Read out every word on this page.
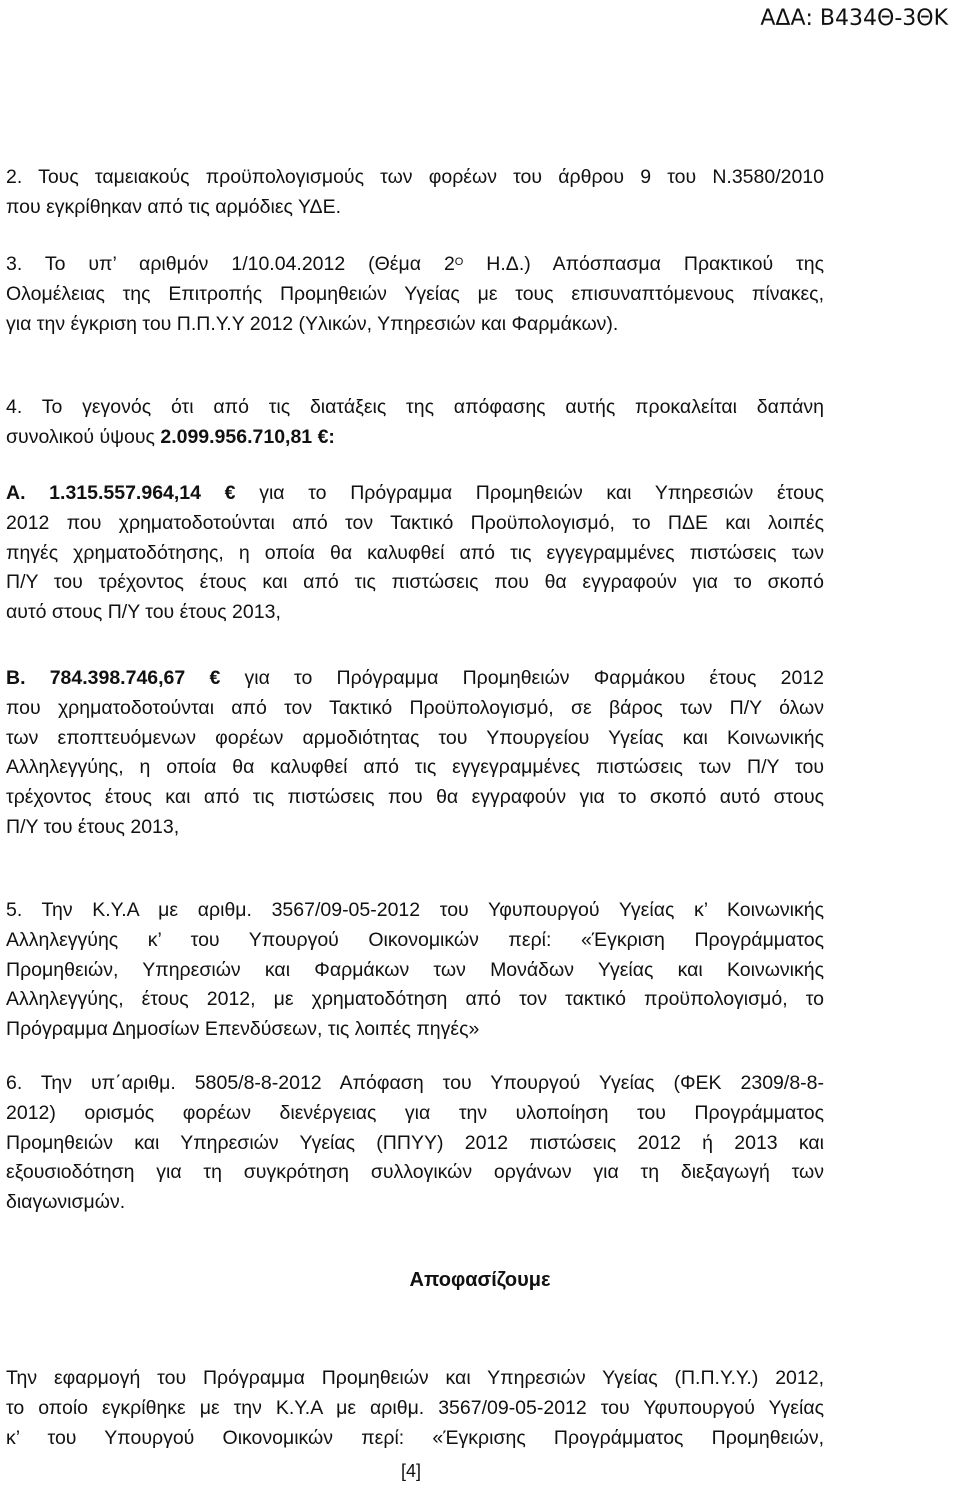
ΑΔΑ: Β434Θ-3ΘΚ
2. Τους ταμειακούς προϋπολογισμούς των φορέων του άρθρου 9 του Ν.3580/2010
που εγκρίθηκαν από τις αρμόδιες ΥΔΕ.
3. Το υπ’ αριθμόν 1/10.04.2012 (Θέμα $2^O$ Η.Δ.) Απόσπασμα Πρακτικού της
Ολομέλειας της Επιτροπής Προμηθειών Υγείας με τους επισυναπτόμενους πίνακες,
για την έγκριση του Π.Π.Υ.Υ 2012 (Υλικών, Υπηρεσιών και Φαρμάκων).
4. Το γεγονός ότι από τις διατάξεις της απόφασης αυτής προκαλείται δαπάνη
συνολικού ύψους 2.099.956.710,81 €:
Α. 1.315.557.964,14 € για το Πρόγραμμα Προμηθειών και Υπηρεσιών έτους
2012 που χρηματοδοτούνται από τον Τακτικό Προϋπολογισμό, το ΠΔΕ και λοιπές
πηγές χρηματοδότησης, η οποία θα καλυφθεί από τις εγγεγραμμένες πιστώσεις των
Π/Υ του τρέχοντος έτους και από τις πιστώσεις που θα εγγραφούν για το σκοπό
αυτό στους Π/Υ του έτους 2013,
Β. 784.398.746,67 € για το Πρόγραμμα Προμηθειών Φαρμάκου έτους 2012
που χρηματοδοτούνται από τον Τακτικό Προϋπολογισμό, σε βάρος των Π/Υ όλων
των εποπτευόμενων φορέων αρμοδιότητας του Υπουργείου Υγείας και Κοινωνικής
Αλληλεγγύης, η οποία θα καλυφθεί από τις εγγεγραμμένες πιστώσεις των Π/Υ του
τρέχοντος έτους και από τις πιστώσεις που θα εγγραφούν για το σκοπό αυτό στους
Π/Υ του έτους 2013,
5. Την Κ.Υ.Α με αριθμ. 3567/09-05-2012 του Υφυπουργού Υγείας κ’ Κοινωνικής
Αλληλεγγύης κ’ του Υπουργού Οικονομικών περί: «Έγκριση Προγράμματος
Προμηθειών, Υπηρεσιών και Φαρμάκων των Μονάδων Υγείας και Κοινωνικής
Αλληλεγγύης, έτους 2012, με χρηματοδότηση από τον τακτικό προϋπολογισμό, το
Πρόγραμμα Δημοσίων Επενδύσεων, τις λοιπές πηγές»
6. Την υπ΄αριθμ. 5805/8-8-2012 Απόφαση του Υπουργού Υγείας (ΦΕΚ 2309/8-8-
2012) ορισμός φορέων διενέργειας για την υλοποίηση του Προγράμματος
Προμηθειών και Υπηρεσιών Υγείας (ΠΠΥΥ) 2012 πιστώσεις 2012 ή 2013 και
εξουσιοδότηση για τη συγκρότηση συλλογικών οργάνων για τη διεξαγωγή των
διαγωνισμών.
Αποφασίζουμε
Την εφαρμογή του Πρόγραμμα Προμηθειών και Υπηρεσιών Υγείας (Π.Π.Υ.Υ.) 2012,
το οποίο εγκρίθηκε με την Κ.Υ.Α με αριθμ. 3567/09-05-2012 του Υφυπουργού Υγείας
κ’ του Υπουργού Οικονομικών περί: «Έγκρισης Προγράμματος Προμηθειών,
[4]
